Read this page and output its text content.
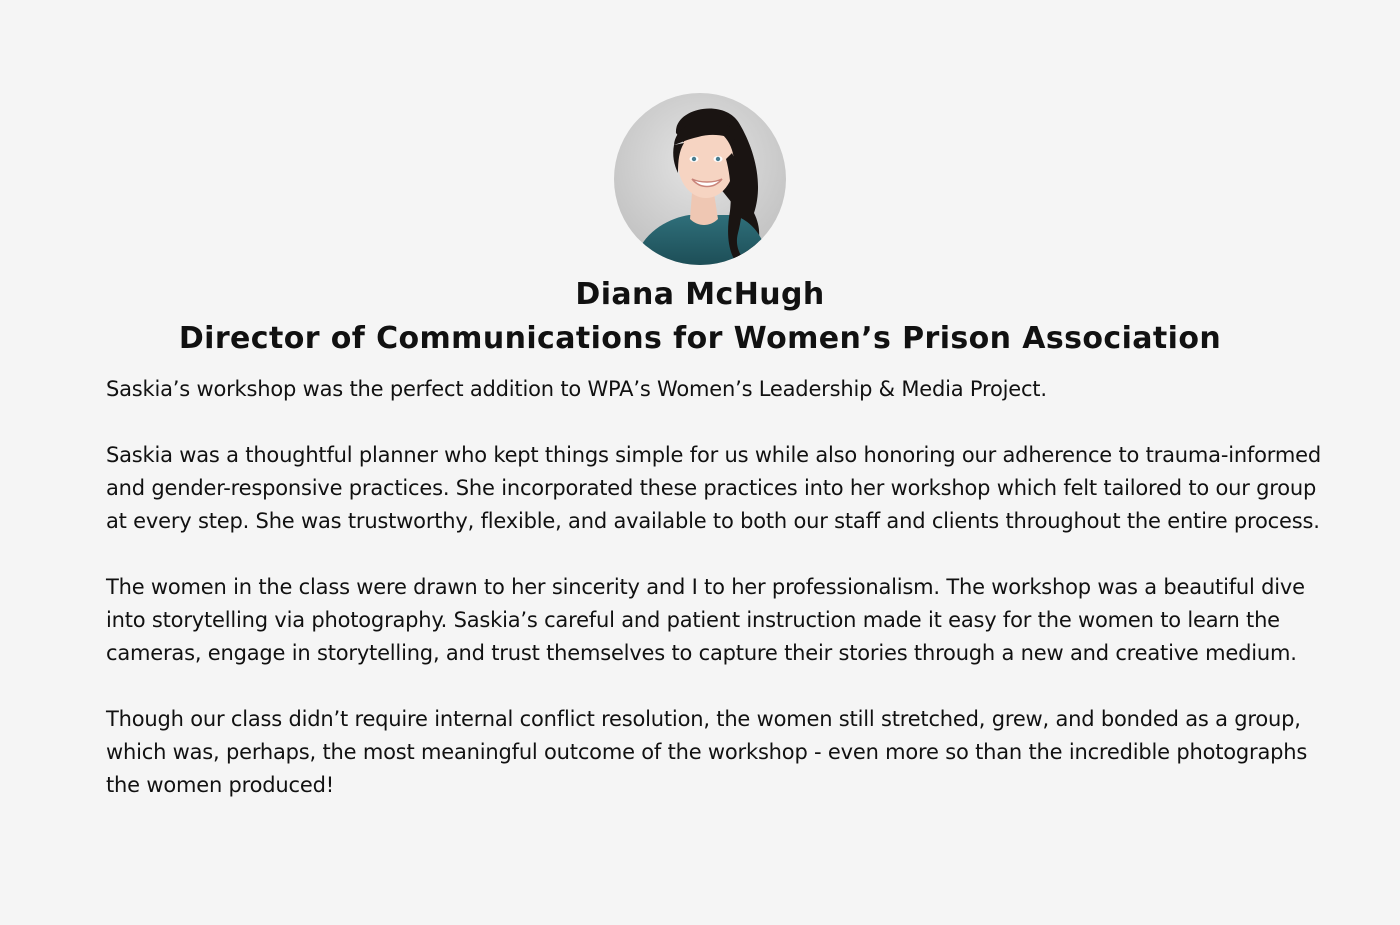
Diana McHugh
Director of Communications for Women’s Prison Association

Saskia’s workshop was the perfect addition to WPA’s Women’s Leadership & Media Project.

Saskia was a thoughtful planner who kept things simple for us while also honoring our adherence to trauma-informed and gender-responsive practices. She incorporated these practices into her workshop which felt tailored to our group at every step. She was trustworthy, flexible, and available to both our staff and clients throughout the entire process.

The women in the class were drawn to her sincerity and I to her professionalism. The workshop was a beautiful dive into storytelling via photography. Saskia’s careful and patient instruction made it easy for the women to learn the cameras, engage in storytelling, and trust themselves to capture their stories through a new and creative medium.

Though our class didn’t require internal conflict resolution, the women still stretched, grew, and bonded as a group, which was, perhaps, the most meaningful outcome of the workshop - even more so than the incredible photographs the women produced!
